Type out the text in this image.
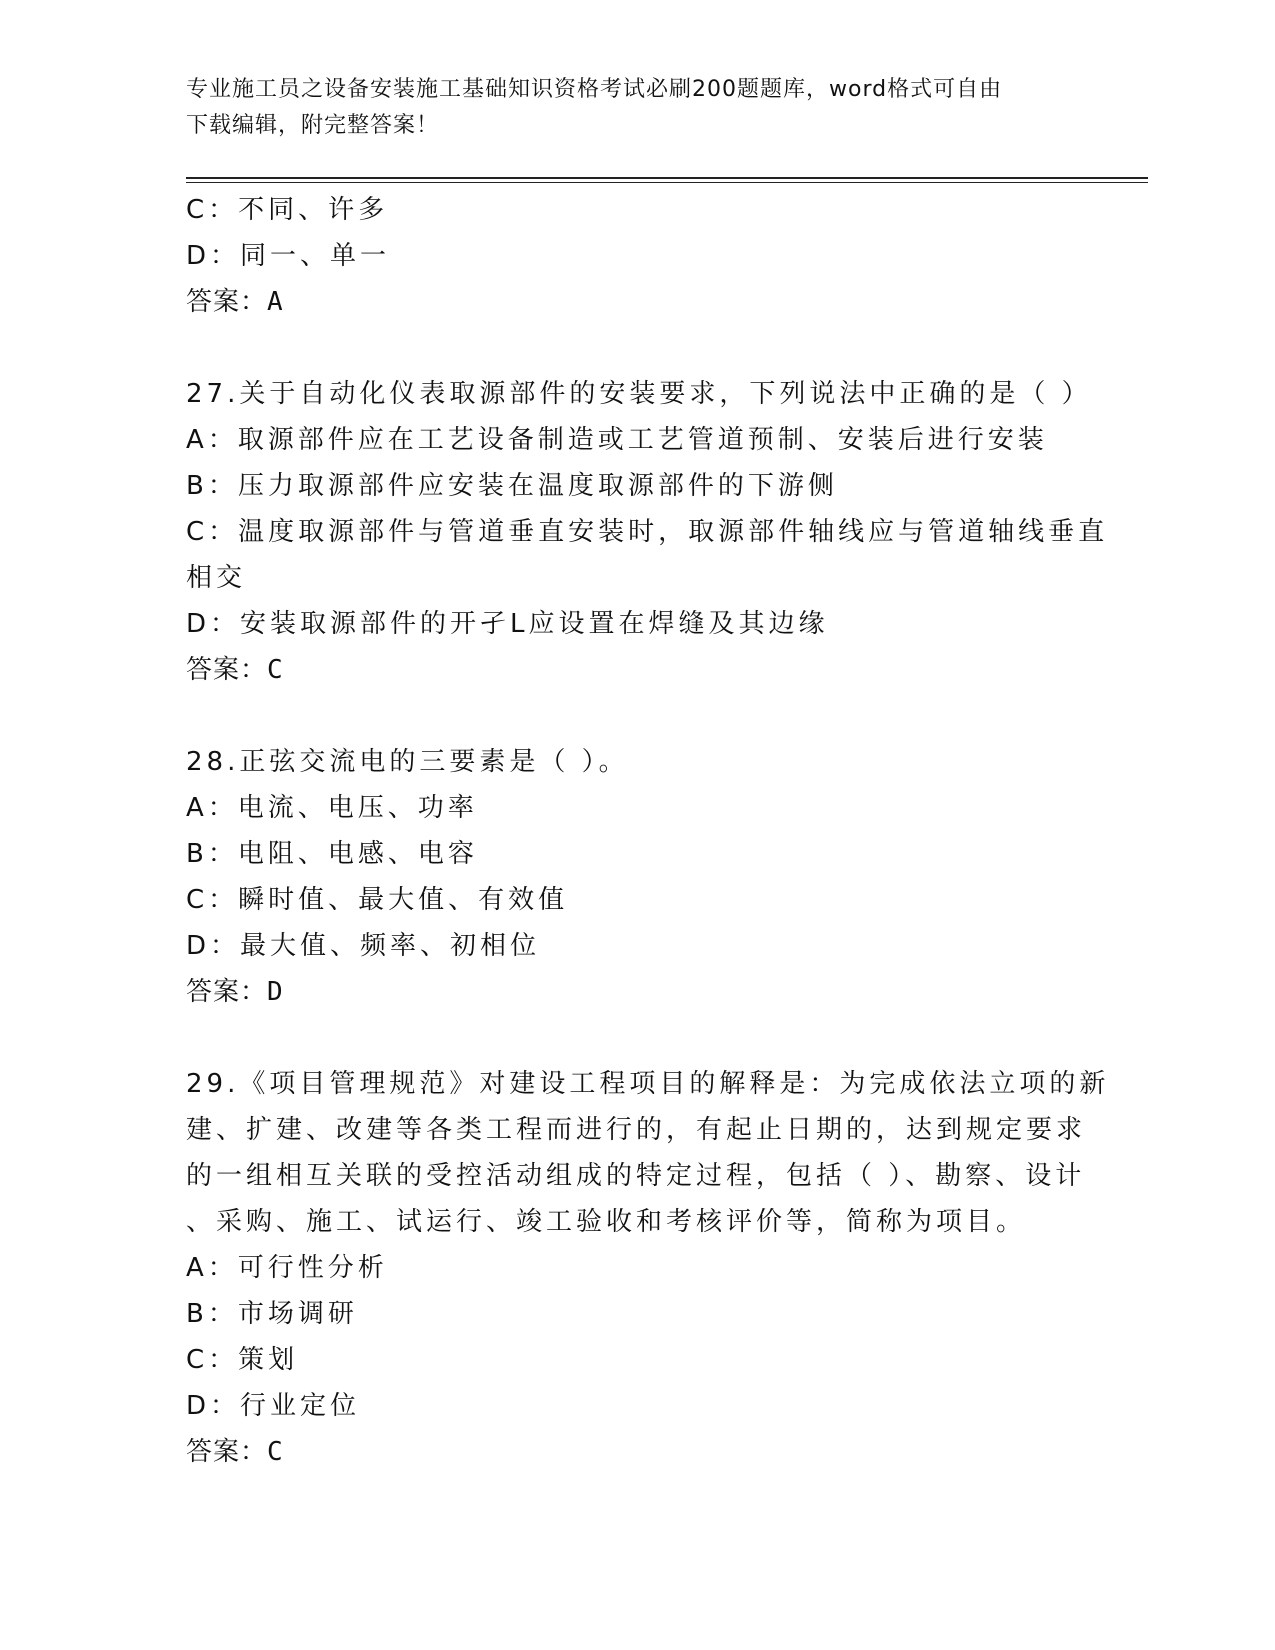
专业施工员之设备安装施工基础知识资格考试必刷200题题库，word格式可自由
下载编辑，附完整答案！
C：不同、许多
D：同一、单一
答案：A
27.关于自动化仪表取源部件的安装要求，下列说法中正确的是（ ）
A：取源部件应在工艺设备制造或工艺管道预制、安装后进行安装
B：压力取源部件应安装在温度取源部件的下游侧
C：温度取源部件与管道垂直安装时，取源部件轴线应与管道轴线垂直
相交
D：安装取源部件的开孑L应设置在焊缝及其边缘
答案：C
28.正弦交流电的三要素是（ ）。
A：电流、电压、功率
B：电阻、电感、电容
C：瞬时值、最大值、有效值
D：最大值、频率、初相位
答案：D
29.《项目管理规范》对建设工程项目的解释是：为完成依法立项的新
建、扩建、改建等各类工程而进行的，有起止日期的，达到规定要求
的一组相互关联的受控活动组成的特定过程，包括（ ）、勘察、设计
、采购、施工、试运行、竣工验收和考核评价等，简称为项目。
A：可行性分析
B：市场调研
C：策划
D：行业定位
答案：C
